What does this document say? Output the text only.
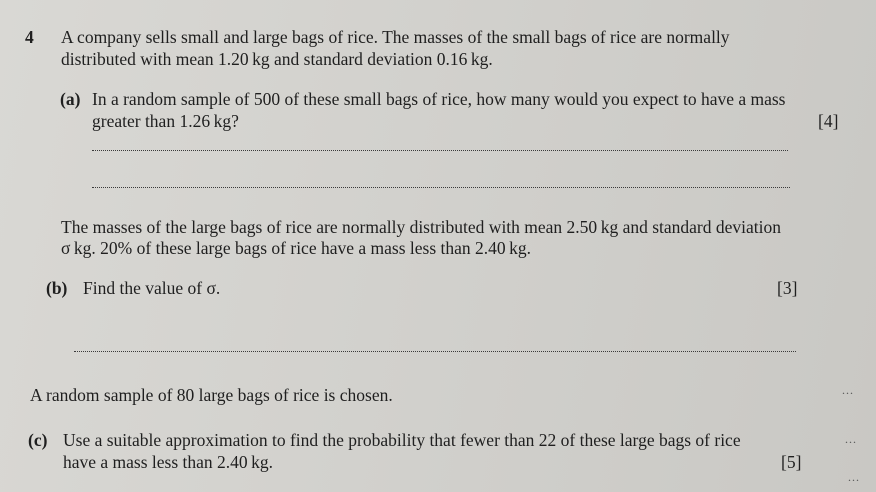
4 A company sells small and large bags of rice. The masses of the small bags of rice are normally
distributed with mean 1.20 kg and standard deviation 0.16 kg.
(a) In a random sample of 500 of these small bags of rice, how many would you expect to have a mass
greater than 1.26 kg?	[4]
The masses of the large bags of rice are normally distributed with mean 2.50 kg and standard deviation
σ kg. 20% of these large bags of rice have a mass less than 2.40 kg.
(b) Find the value of σ.	[3]
A random sample of 80 large bags of rice is chosen.	...
(c) Use a suitable approximation to find the probability that fewer than 22 of these large bags of rice	...
have a mass less than 2.40 kg.	[5]
...
